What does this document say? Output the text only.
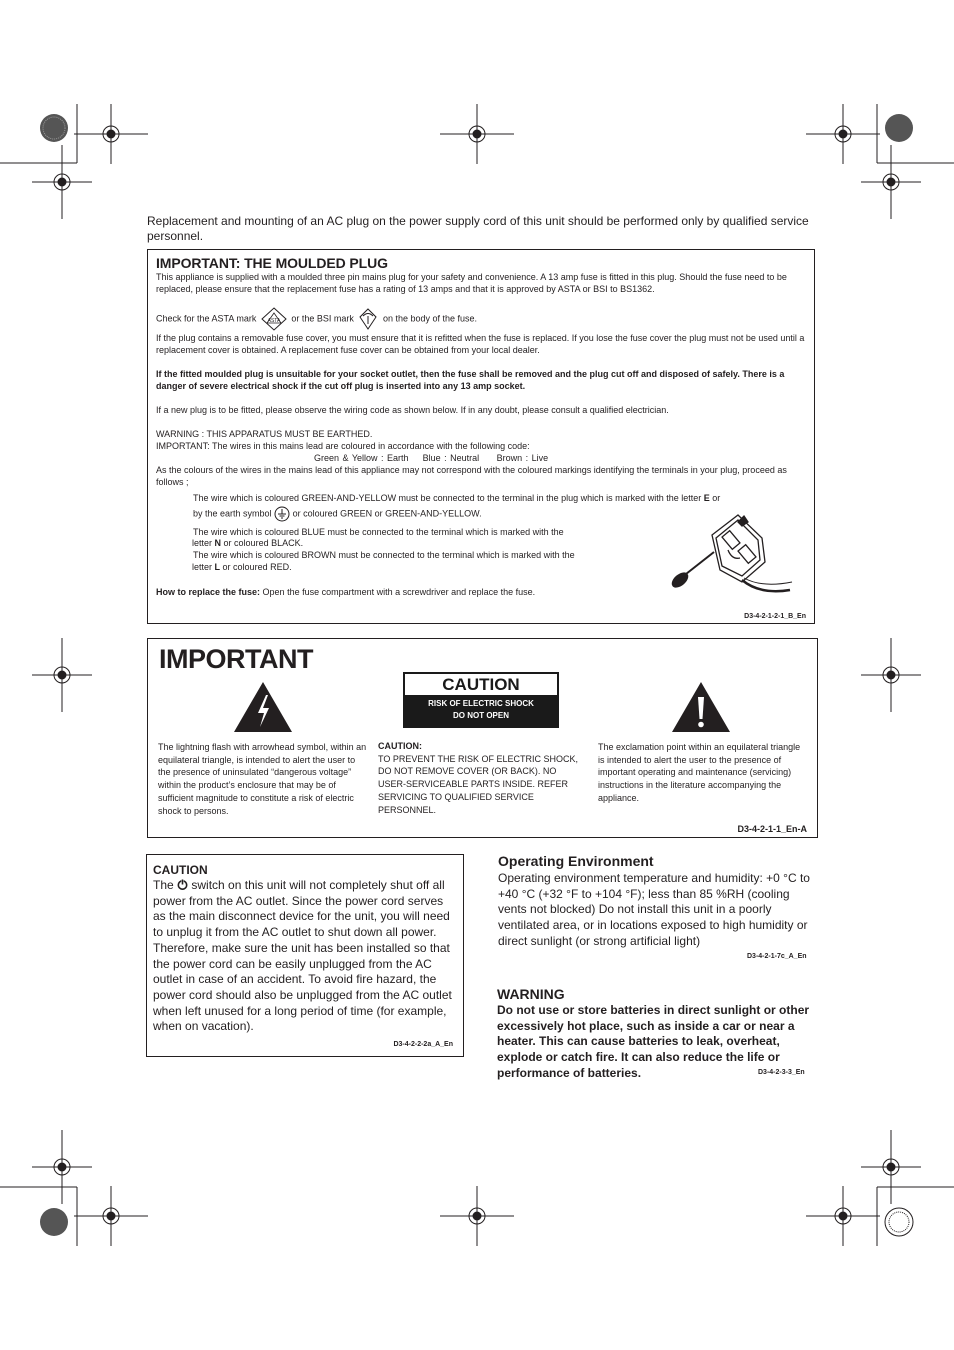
Replacement and mounting of an AC plug on the power supply cord of this unit should be performed only by qualified service personnel.
IMPORTANT: THE MOULDED PLUG
This appliance is supplied with a moulded three pin mains plug for your safety and convenience. A 13 amp fuse is fitted in this plug. Should the fuse need to be replaced, please ensure that the replacement fuse has a rating of 13 amps and that it is approved by ASTA or BSI to BS1362.
Check for the ASTA mark ASTA or the BSI mark	on the body of the fuse.
If the plug contains a removable fuse cover, you must ensure that it is refitted when the fuse is replaced. If you lose the fuse cover the plug must not be used until a replacement cover is obtained. A replacement fuse cover can be obtained from your local dealer.
If the fitted moulded plug is unsuitable for your socket outlet, then the fuse shall be removed and the plug cut off and disposed of safely. There is a danger of severe electrical shock if the cut off plug is inserted into any 13 amp socket.
If a new plug is to be fitted, please observe the wiring code as shown below. If in any doubt, please consult a qualified electrician.
WARNING : THIS APPARATUS MUST BE EARTHED.
IMPORTANT: The wires in this mains lead are coloured in accordance with the following code:
Green & Yellow : Earth Blue : Neutral Brown : Live
As the colours of the wires in the mains lead of this appliance may not correspond with the coloured markings identifying the terminals in your plug, proceed as follows ;
The wire which is coloured GREEN-AND-YELLOW must be connected to the terminal in the plug which is marked with the letter E or
by the earth symbol or coloured GREEN or GREEN-AND-YELLOW.
The wire which is coloured BLUE must be connected to the terminal which is marked with the
letter N or coloured BLACK.
The wire which is coloured BROWN must be connected to the terminal which is marked with the
letter L or coloured RED.
How to replace the fuse: Open the fuse compartment with a screwdriver and replace the fuse.
D3-4-2-1-2-1_B_En
IMPORTANT
CAUTION
RISK OF ELECTRIC SHOCK
DO NOT OPEN
The lightning flash with arrowhead symbol, within an equilateral triangle, is intended to alert the user to the presence of uninsulated “dangerous voltage” within the product’s enclosure that may be of sufficient magnitude to constitute a risk of electric shock to persons.
CAUTION:
TO PREVENT THE RISK OF ELECTRIC SHOCK, DO NOT REMOVE COVER (OR BACK). NO USER-SERVICEABLE PARTS INSIDE. REFER SERVICING TO QUALIFIED SERVICE PERSONNEL.
The exclamation point within an equilateral triangle is intended to alert the user to the presence of important operating and maintenance (servicing) instructions in the literature accompanying the appliance.
D3-4-2-1-1_En-A
CAUTION
The switch on this unit will not completely shut off all power from the AC outlet. Since the power cord serves as the main disconnect device for the unit, you will need to unplug it from the AC outlet to shut down all power. Therefore, make sure the unit has been installed so that the power cord can be easily unplugged from the AC outlet in case of an accident. To avoid fire hazard, the power cord should also be unplugged from the AC outlet when left unused for a long period of time (for example, when on vacation).
D3-4-2-2-2a_A_En
Operating Environment
Operating environment temperature and humidity: +0 °C to +40 °C (+32 °F to +104 °F); less than 85 %RH (cooling vents not blocked) Do not install this unit in a poorly ventilated area, or in locations exposed to high humidity or direct sunlight (or strong artificial light)
D3-4-2-1-7c_A_En
WARNING
Do not use or store batteries in direct sunlight or other excessively hot place, such as inside a car or near a heater. This can cause batteries to leak, overheat, explode or catch fire. It can also reduce the life or performance of batteries.	D3-4-2-3-3_En
